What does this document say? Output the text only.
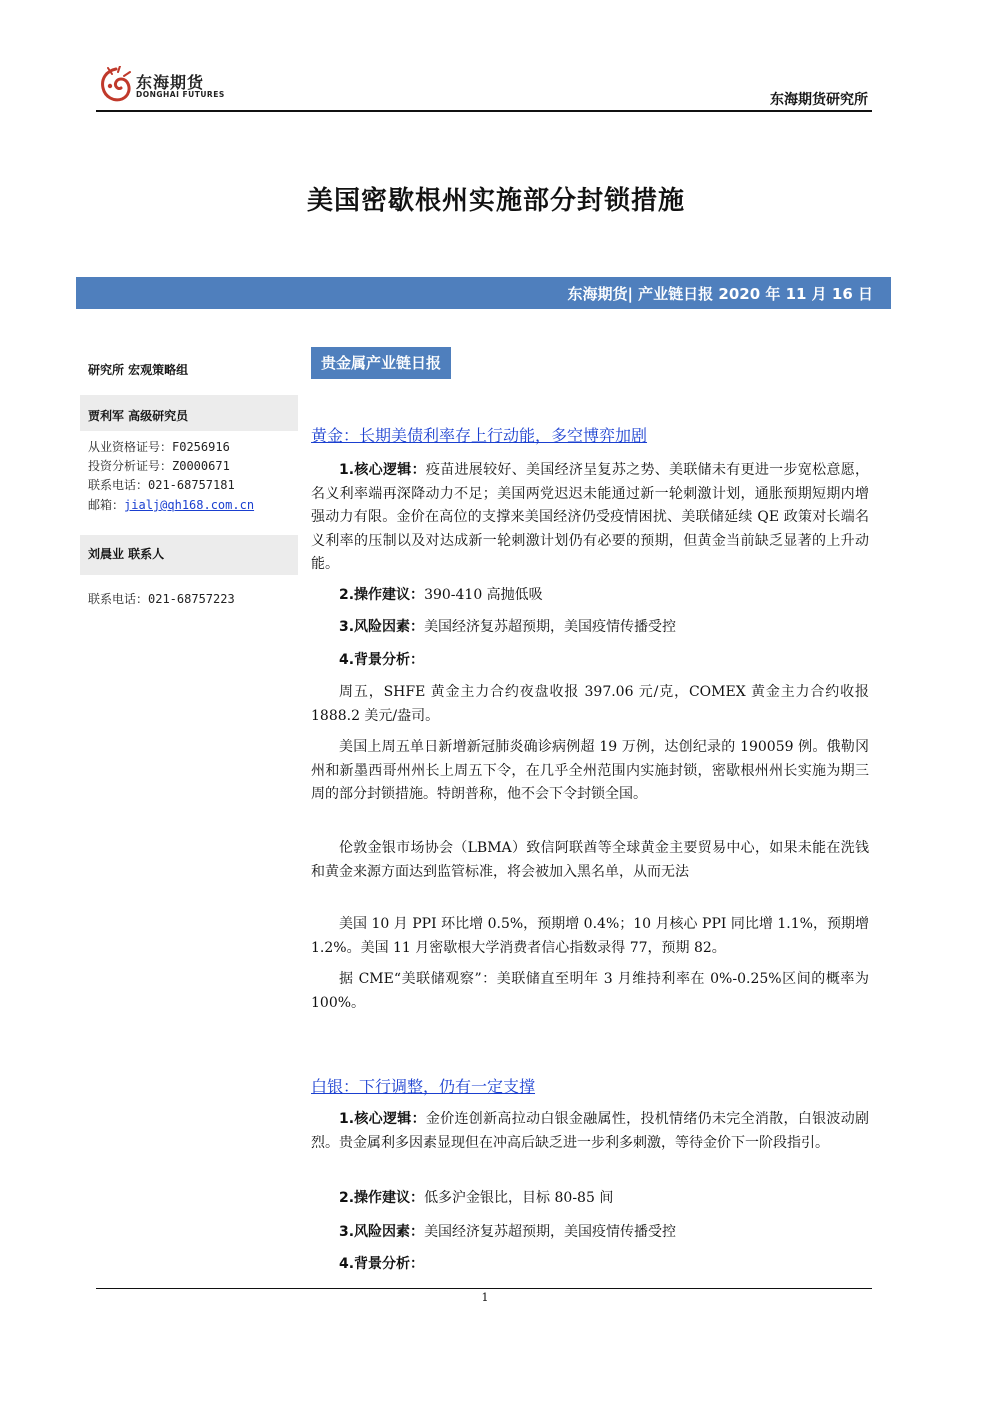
东海期货
DONGHAI FUTURES	东海期货研究所
美国密歇根州实施部分封锁措施
东海期货| 产业链日报 2020 年 11 月 16 日
研究所 宏观策略组
贾利军 高级研究员
从业资格证号：F0256916
投资分析证号：Z0000671
联系电话：021-68757181
邮箱：jialj@qh168.com.cn
刘晨业 联系人
联系电话：021-68757223
贵金属产业链日报
黄金：长期美债利率存上行动能，多空博弈加剧
1.核心逻辑：疫苗进展较好、美国经济呈复苏之势、美联储未有更进一步宽松意愿，名义利率端再深降动力不足；美国两党迟迟未能通过新一轮刺激计划，通胀预期短期内增强动力有限。金价在高位的支撑来美国经济仍受疫情困扰、美联储延续 QE 政策对长端名义利率的压制以及对达成新一轮刺激计划仍有必要的预期，但黄金当前缺乏显著的上升动能。
2.操作建议：390-410 高抛低吸
3.风险因素：美国经济复苏超预期，美国疫情传播受控
4.背景分析：
周五，SHFE 黄金主力合约夜盘收报 397.06 元/克，COMEX 黄金主力合约收报 1888.2 美元/盎司。
美国上周五单日新增新冠肺炎确诊病例超 19 万例，达创纪录的 190059 例。俄勒冈州和新墨西哥州州长上周五下令，在几乎全州范围内实施封锁，密歇根州州长实施为期三周的部分封锁措施。特朗普称，他不会下令封锁全国。
伦敦金银市场协会（LBMA）致信阿联酋等全球黄金主要贸易中心，如果未能在洗钱和黄金来源方面达到监管标准，将会被加入黑名单，从而无法
美国 10 月 PPI 环比增 0.5%，预期增 0.4%；10 月核心 PPI 同比增 1.1%，预期增 1.2%。美国 11 月密歇根大学消费者信心指数录得 77，预期 82。
据 CME“美联储观察”：美联储直至明年 3 月维持利率在 0%-0.25%区间的概率为 100%。
白银：下行调整，仍有一定支撑
1.核心逻辑：金价连创新高拉动白银金融属性，投机情绪仍未完全消散，白银波动剧烈。贵金属利多因素显现但在冲高后缺乏进一步利多刺激，等待金价下一阶段指引。
2.操作建议：低多沪金银比，目标 80-85 间
3.风险因素：美国经济复苏超预期，美国疫情传播受控
4.背景分析：
1
